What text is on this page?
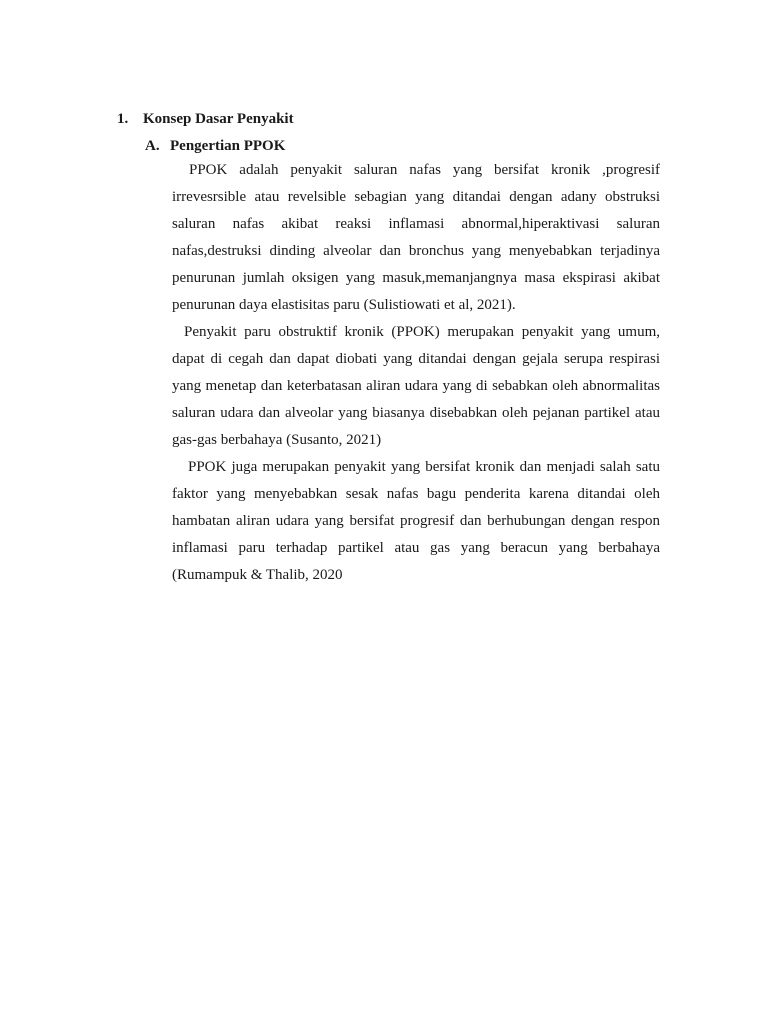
1. Konsep Dasar Penyakit
A. Pengertian PPOK

PPOK adalah penyakit saluran nafas yang bersifat kronik ,progresif irrevesrsible atau revelsible sebagian yang ditandai dengan adany obstruksi saluran nafas akibat reaksi inflamasi abnormal,hiperaktivasi saluran nafas,destruksi dinding alveolar dan bronchus yang menyebabkan terjadinya penurunan jumlah oksigen yang masuk,memanjangnya masa ekspirasi akibat penurunan daya elastisitas paru (Sulistiowati et al, 2021).

Penyakit paru obstruktif kronik (PPOK) merupakan penyakit yang umum, dapat di cegah dan dapat diobati yang ditandai dengan gejala serupa respirasi yang menetap dan keterbatasan aliran udara yang di sebabkan oleh abnormalitas saluran udara dan alveolar yang biasanya disebabkan oleh pejanan partikel atau gas-gas berbahaya (Susanto, 2021)

PPOK juga merupakan penyakit yang bersifat kronik dan menjadi salah satu faktor yang menyebabkan sesak nafas bagu penderita karena ditandai oleh hambatan aliran udara yang bersifat progresif dan berhubungan dengan respon inflamasi paru terhadap partikel atau gas yang beracun yang berbahaya (Rumampuk & Thalib, 2020
